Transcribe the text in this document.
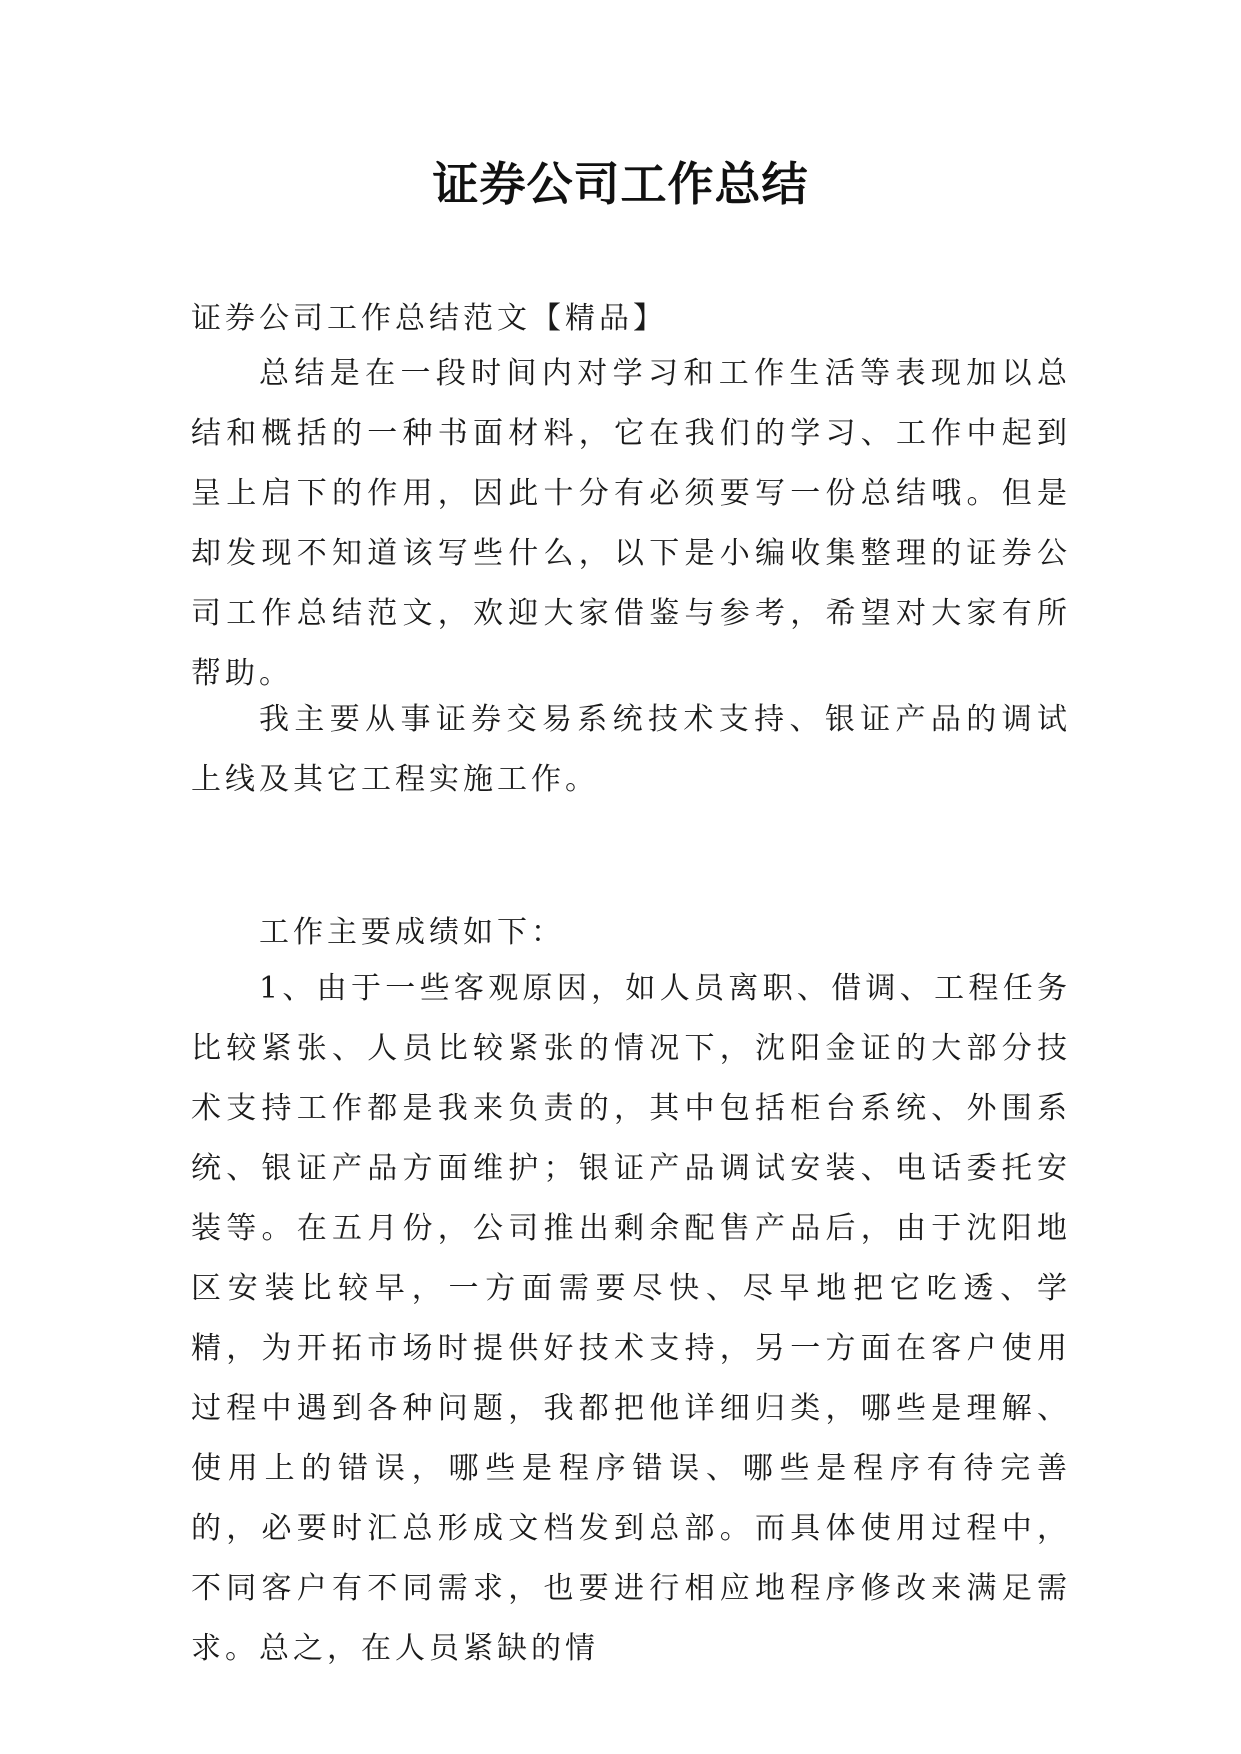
证券公司工作总结

证券公司工作总结范文【精品】

总结是在一段时间内对学习和工作生活等表现加以总结和概括的一种书面材料，它在我们的学习、工作中起到呈上启下的作用，因此十分有必须要写一份总结哦。但是却发现不知道该写些什么，以下是小编收集整理的证券公司工作总结范文，欢迎大家借鉴与参考，希望对大家有所帮助。

我主要从事证券交易系统技术支持、银证产品的调试上线及其它工程实施工作。

工作主要成绩如下：

1、由于一些客观原因，如人员离职、借调、工程任务比较紧张、人员比较紧张的情况下，沈阳金证的大部分技术支持工作都是我来负责的，其中包括柜台系统、外围系统、银证产品方面维护；银证产品调试安装、电话委托安装等。在五月份，公司推出剩余配售产品后，由于沈阳地区安装比较早，一方面需要尽快、尽早地把它吃透、学精，为开拓市场时提供好技术支持，另一方面在客户使用过程中遇到各种问题，我都把他详细归类，哪些是理解、使用上的错误，哪些是程序错误、哪些是程序有待完善的，必要时汇总形成文档发到总部。而具体使用过程中，不同客户有不同需求，也要进行相应地程序修改来满足需求。总之，在人员紧缺的情
